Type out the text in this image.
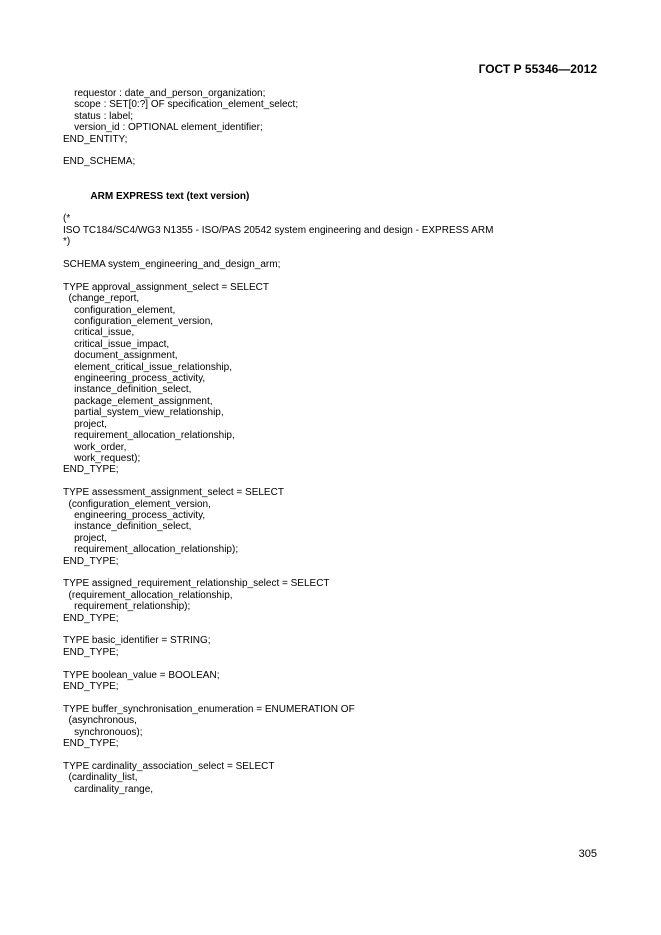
ГОСТ Р 55346—2012
requestor : date_and_person_organization;
scope : SET[0:?] OF specification_element_select;
status : label;
version_id : OPTIONAL element_identifier;
END_ENTITY;
END_SCHEMA;
ARM EXPRESS text (text version)
(*
ISO TC184/SC4/WG3 N1355 - ISO/PAS 20542 system engineering and design - EXPRESS ARM
*)
SCHEMA system_engineering_and_design_arm;
TYPE approval_assignment_select = SELECT
(change_report,
configuration_element,
configuration_element_version,
critical_issue,
critical_issue_impact,
document_assignment,
element_critical_issue_relationship,
engineering_process_activity,
instance_definition_select,
package_element_assignment,
partial_system_view_relationship,
project,
requirement_allocation_relationship,
work_order,
work_request);
END_TYPE;
TYPE assessment_assignment_select = SELECT
(configuration_element_version,
engineering_process_activity,
instance_definition_select,
project,
requirement_allocation_relationship);
END_TYPE;
TYPE assigned_requirement_relationship_select = SELECT
(requirement_allocation_relationship,
requirement_relationship);
END_TYPE;
TYPE basic_identifier = STRING;
END_TYPE;
TYPE boolean_value = BOOLEAN;
END_TYPE;
TYPE buffer_synchronisation_enumeration = ENUMERATION OF
(asynchronous,
synchronouos);
END_TYPE;
TYPE cardinality_association_select = SELECT
(cardinality_list,
cardinality_range,
305
